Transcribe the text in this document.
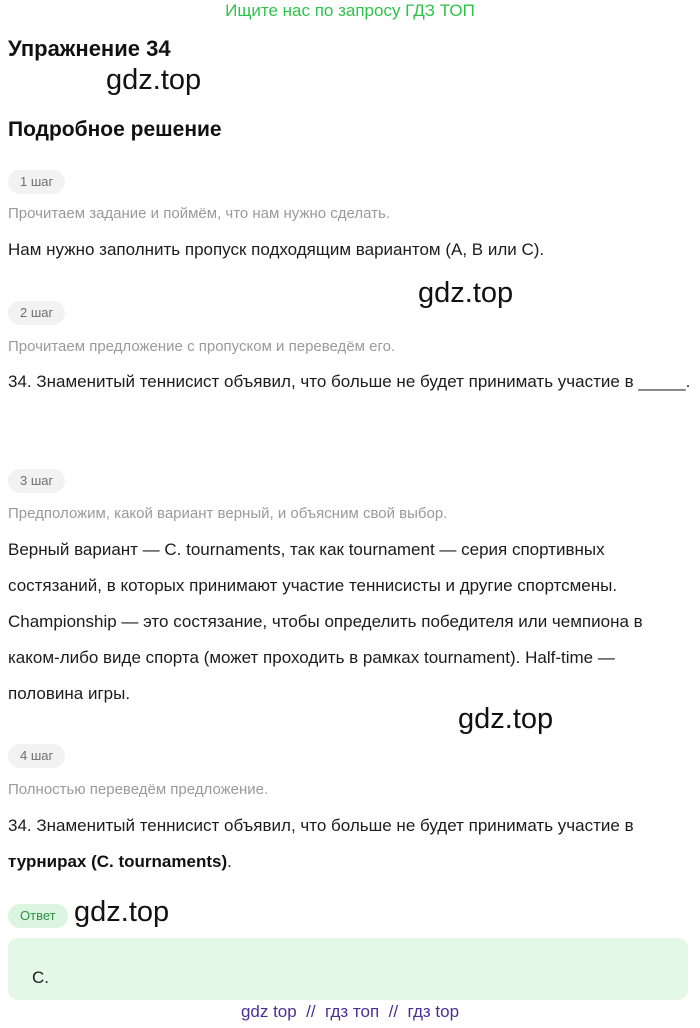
Ищите нас по запросу ГДЗ ТОП
Упражнение 34
gdz.top
Подробное решение
1 шаг
Прочитаем задание и поймём, что нам нужно сделать.
Нам нужно заполнить пропуск подходящим вариантом (A, B или C).
gdz.top
2 шаг
Прочитаем предложение с пропуском и переведём его.
34. Знаменитый теннисист объявил, что больше не будет принимать участие в _____.
3 шаг
Предположим, какой вариант верный, и объясним свой выбор.
Верный вариант — C. tournaments, так как tournament — серия спортивных состязаний, в которых принимают участие теннисисты и другие спортсмены. Championship — это состязание, чтобы определить победителя или чемпиона в каком-либо виде спорта (может проходить в рамках tournament). Half-time — половина игры.
gdz.top
4 шаг
Полностью переведём предложение.
34. Знаменитый теннисист объявил, что больше не будет принимать участие в турнирах (C. tournaments).
Ответ gdz.top
C.
gdz top  //  гдз топ  //  гдз top
